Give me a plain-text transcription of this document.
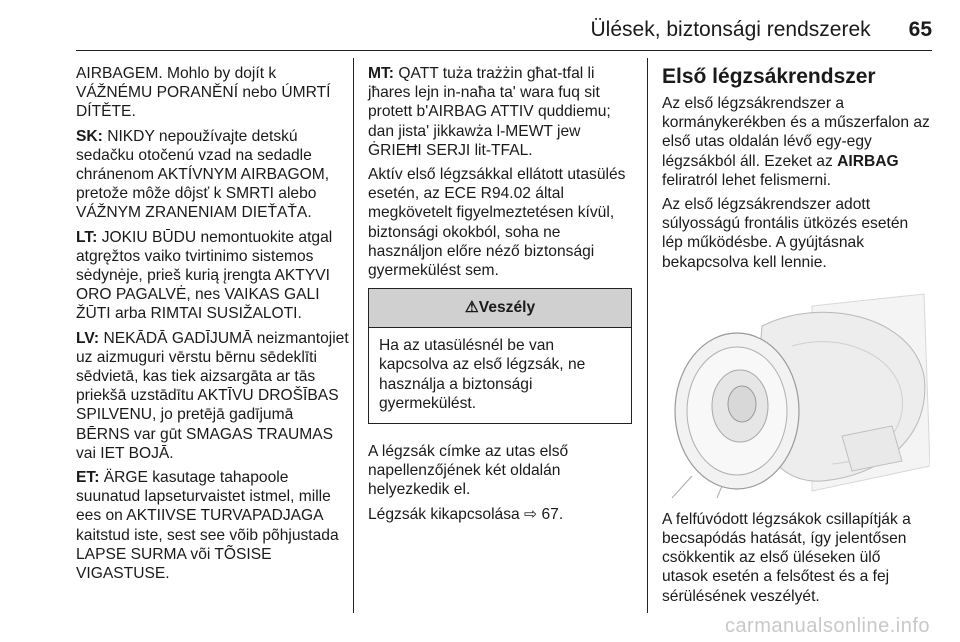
Ülések, biztonsági rendszerek 65

AIRBAGEM. Mohlo by dojít k VÁŽNÉMU PORANĚNÍ nebo ÚMRTÍ DÍTĚTE.

SK: NIKDY nepoužívajte detskú sedačku otočenú vzad na sedadle chránenom AKTÍVNYM AIRBAGOM, pretože môže dôjsť k SMRTI alebo VÁŽNYM ZRANENIAM DIEŤAŤA.

LT: JOKIU BŪDU nemontuokite atgal atgręžtos vaiko tvirtinimo sistemos sėdynėje, prieš kurią įrengta AKTYVI ORO PAGALVĖ, nes VAIKAS GALI ŽŪTI arba RIMTAI SUSIŽALOTI.

LV: NEKĀDĀ GADĪJUMĀ neizmantojiet uz aizmuguri vērstu bērnu sēdeklīti sēdvietā, kas tiek aizsargāta ar tās priekšā uzstādītu AKTĪVU DROŠĪBAS SPILVENU, jo pretējā gadījumā BĒRNS var gūt SMAGAS TRAUMAS vai IET BOJĀ.

ET: ÄRGE kasutage tahapoole suunatud lapseturvaistet istmel, mille ees on AKTIIVSE TURVAPADJAGA kaitstud iste, sest see võib põhjustada LAPSE SURMA või TÕSISE VIGASTUSE.

MT: QATT tuża trażżin għat-tfal li jħares lejn in-naħa ta' wara fuq sit protett b'AIRBAG ATTIV quddiemu; dan jista' jikkawża l-MEWT jew ĠRIEĦI SERJI lit-TFAL.

Aktív első légzsákkal ellátott utasülés esetén, az ECE R94.02 által megkövetelt figyelmeztetésen kívül, biztonsági okokból, soha ne használjon előre néző biztonsági gyermekülést sem.

⚠Veszély
Ha az utasülésnél be van kapcsolva az első légzsák, ne használja a biztonsági gyermekülést.

A légzsák címke az utas első napellenzőjének két oldalán helyezkedik el.

Légzsák kikapcsolása ⇨ 67.

Első légzsákrendszer

Az első légzsákrendszer a kormánykerékben és a műszerfalon az első utas oldalán lévő egy-egy légzsákból áll. Ezeket az AIRBAG feliratról lehet felismerni.

Az első légzsákrendszer adott súlyosságú frontális ütközés esetén lép működésbe. A gyújtásnak bekapcsolva kell lennie.

A felfúvódott légzsákok csillapítják a becsapódás hatását, így jelentősen csökkentik az első üléseken ülő utasok esetén a felsőtest és a fej sérülésének veszélyét.

carmanualsonline.info
